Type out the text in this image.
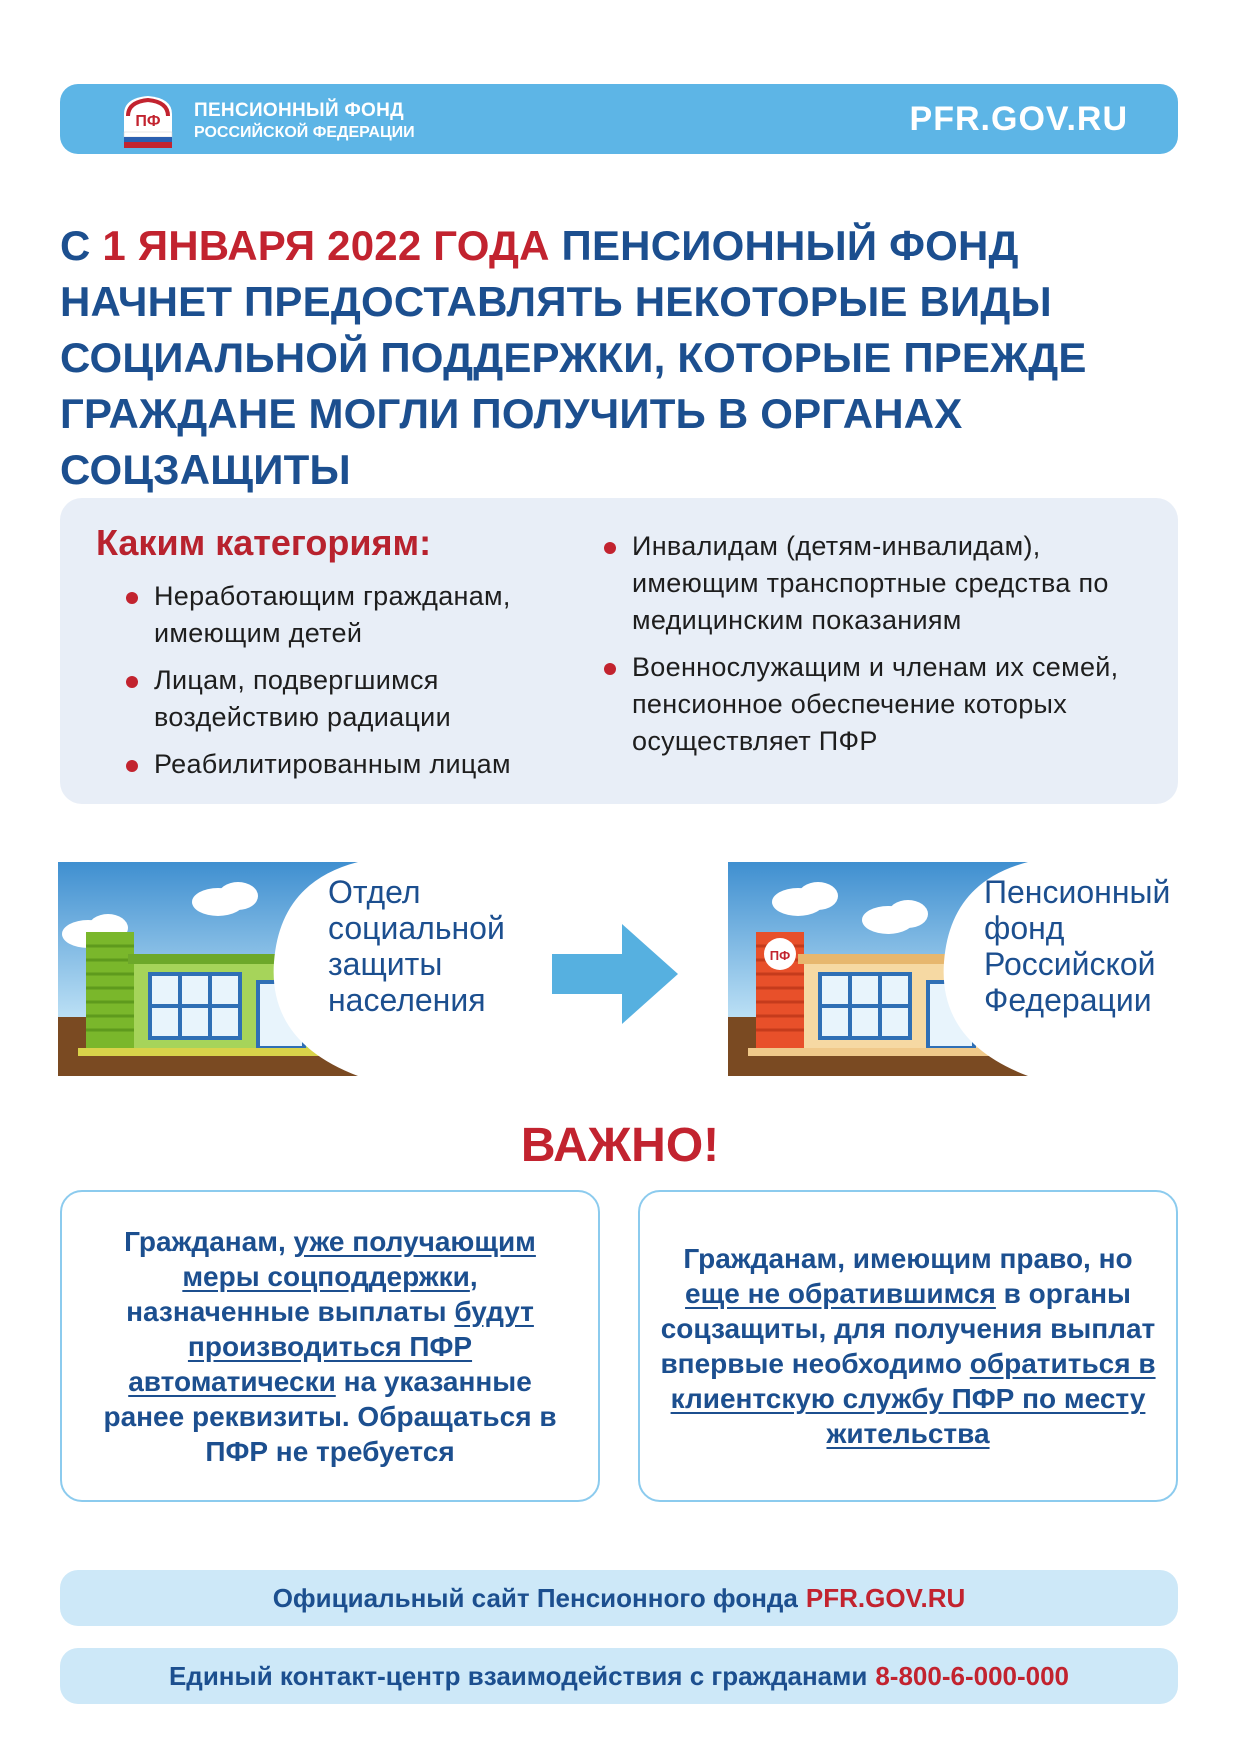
ПФ
ПЕНСИОННЫЙ ФОНД
РОССИЙСКОЙ ФЕДЕРАЦИИ	PFR.GOV.RU
С 1 ЯНВАРЯ 2022 ГОДА ПЕНСИОННЫЙ ФОНД НАЧНЕТ ПРЕДОСТАВЛЯТЬ НЕКОТОРЫЕ ВИДЫ СОЦИАЛЬНОЙ ПОДДЕРЖКИ, КОТОРЫЕ ПРЕЖДЕ ГРАЖДАНЕ МОГЛИ ПОЛУЧИТЬ В ОРГАНАХ СОЦЗАЩИТЫ
Каким категориям:
Неработающим гражданам, имеющим детей
Лицам, подвергшимся воздействию радиации
Реабилитированным лицам
Инвалидам (детям-инвалидам), имеющим транспортные средства по медицинским показаниям
Военнослужащим и членам их семей, пенсионное обеспечение которых осуществляет ПФР
Отдел
социальной
защиты
населения
ПФ
Пенсионный
фонд
Российской
Федерации
ВАЖНО!
Гражданам, уже получающим меры соцподдержки, назначенные выплаты будут производиться ПФР автоматически на указанные ранее реквизиты. Обращаться в ПФР не требуется
Гражданам, имеющим право, но еще не обратившимся в органы соцзащиты, для получения выплат впервые необходимо обратиться в клиентскую службу ПФР по месту жительства
Официальный сайт Пенсионного фонда PFR.GOV.RU
Единый контакт-центр взаимодействия с гражданами 8-800-6-000-000
